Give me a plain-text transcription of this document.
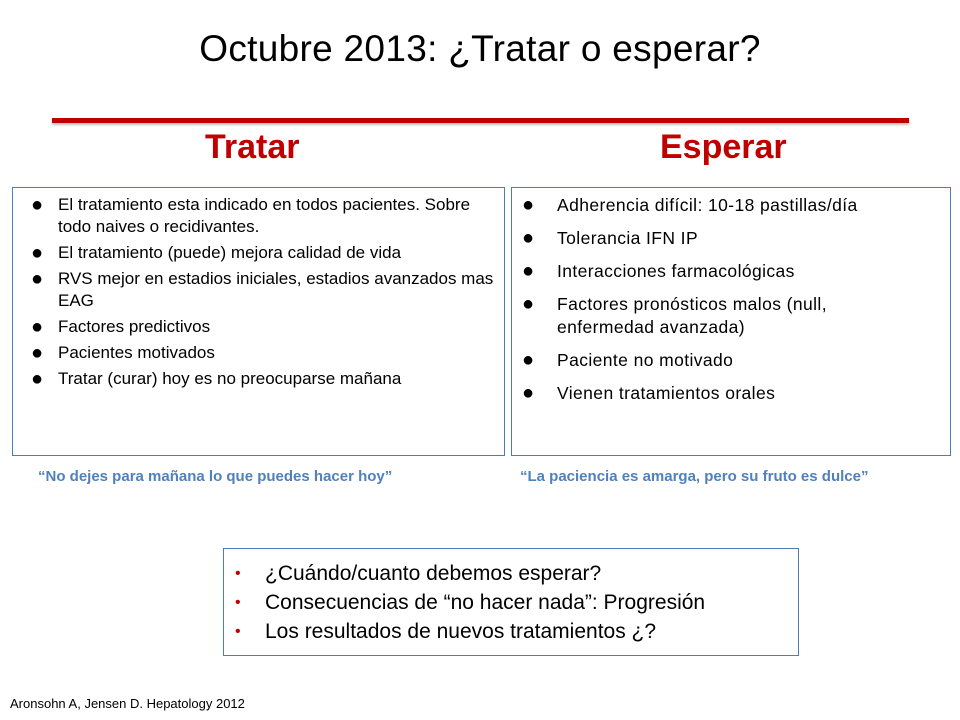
Octubre 2013: ¿Tratar o esperar?
Tratar	Esperar
● El tratamiento esta indicado en todos pacientes. Sobre todo naives o recidivantes.
● El tratamiento (puede) mejora calidad de vida
● RVS mejor en estadios iniciales, estadios avanzados mas EAG
● Factores predictivos
● Pacientes motivados
● Tratar (curar) hoy es no preocuparse mañana
● Adherencia difícil: 10-18 pastillas/día
● Tolerancia IFN IP
● Interacciones farmacológicas
● Factores pronósticos malos (null, enfermedad avanzada)
● Paciente no motivado
● Vienen tratamientos orales
“No dejes para mañana lo que puedes hacer hoy”	“La paciencia es amarga, pero su fruto es dulce”
• ¿Cuándo/cuanto debemos esperar?
• Consecuencias de “no hacer nada”: Progresión
• Los resultados de nuevos tratamientos ¿?
Aronsohn A, Jensen D. Hepatology 2012
